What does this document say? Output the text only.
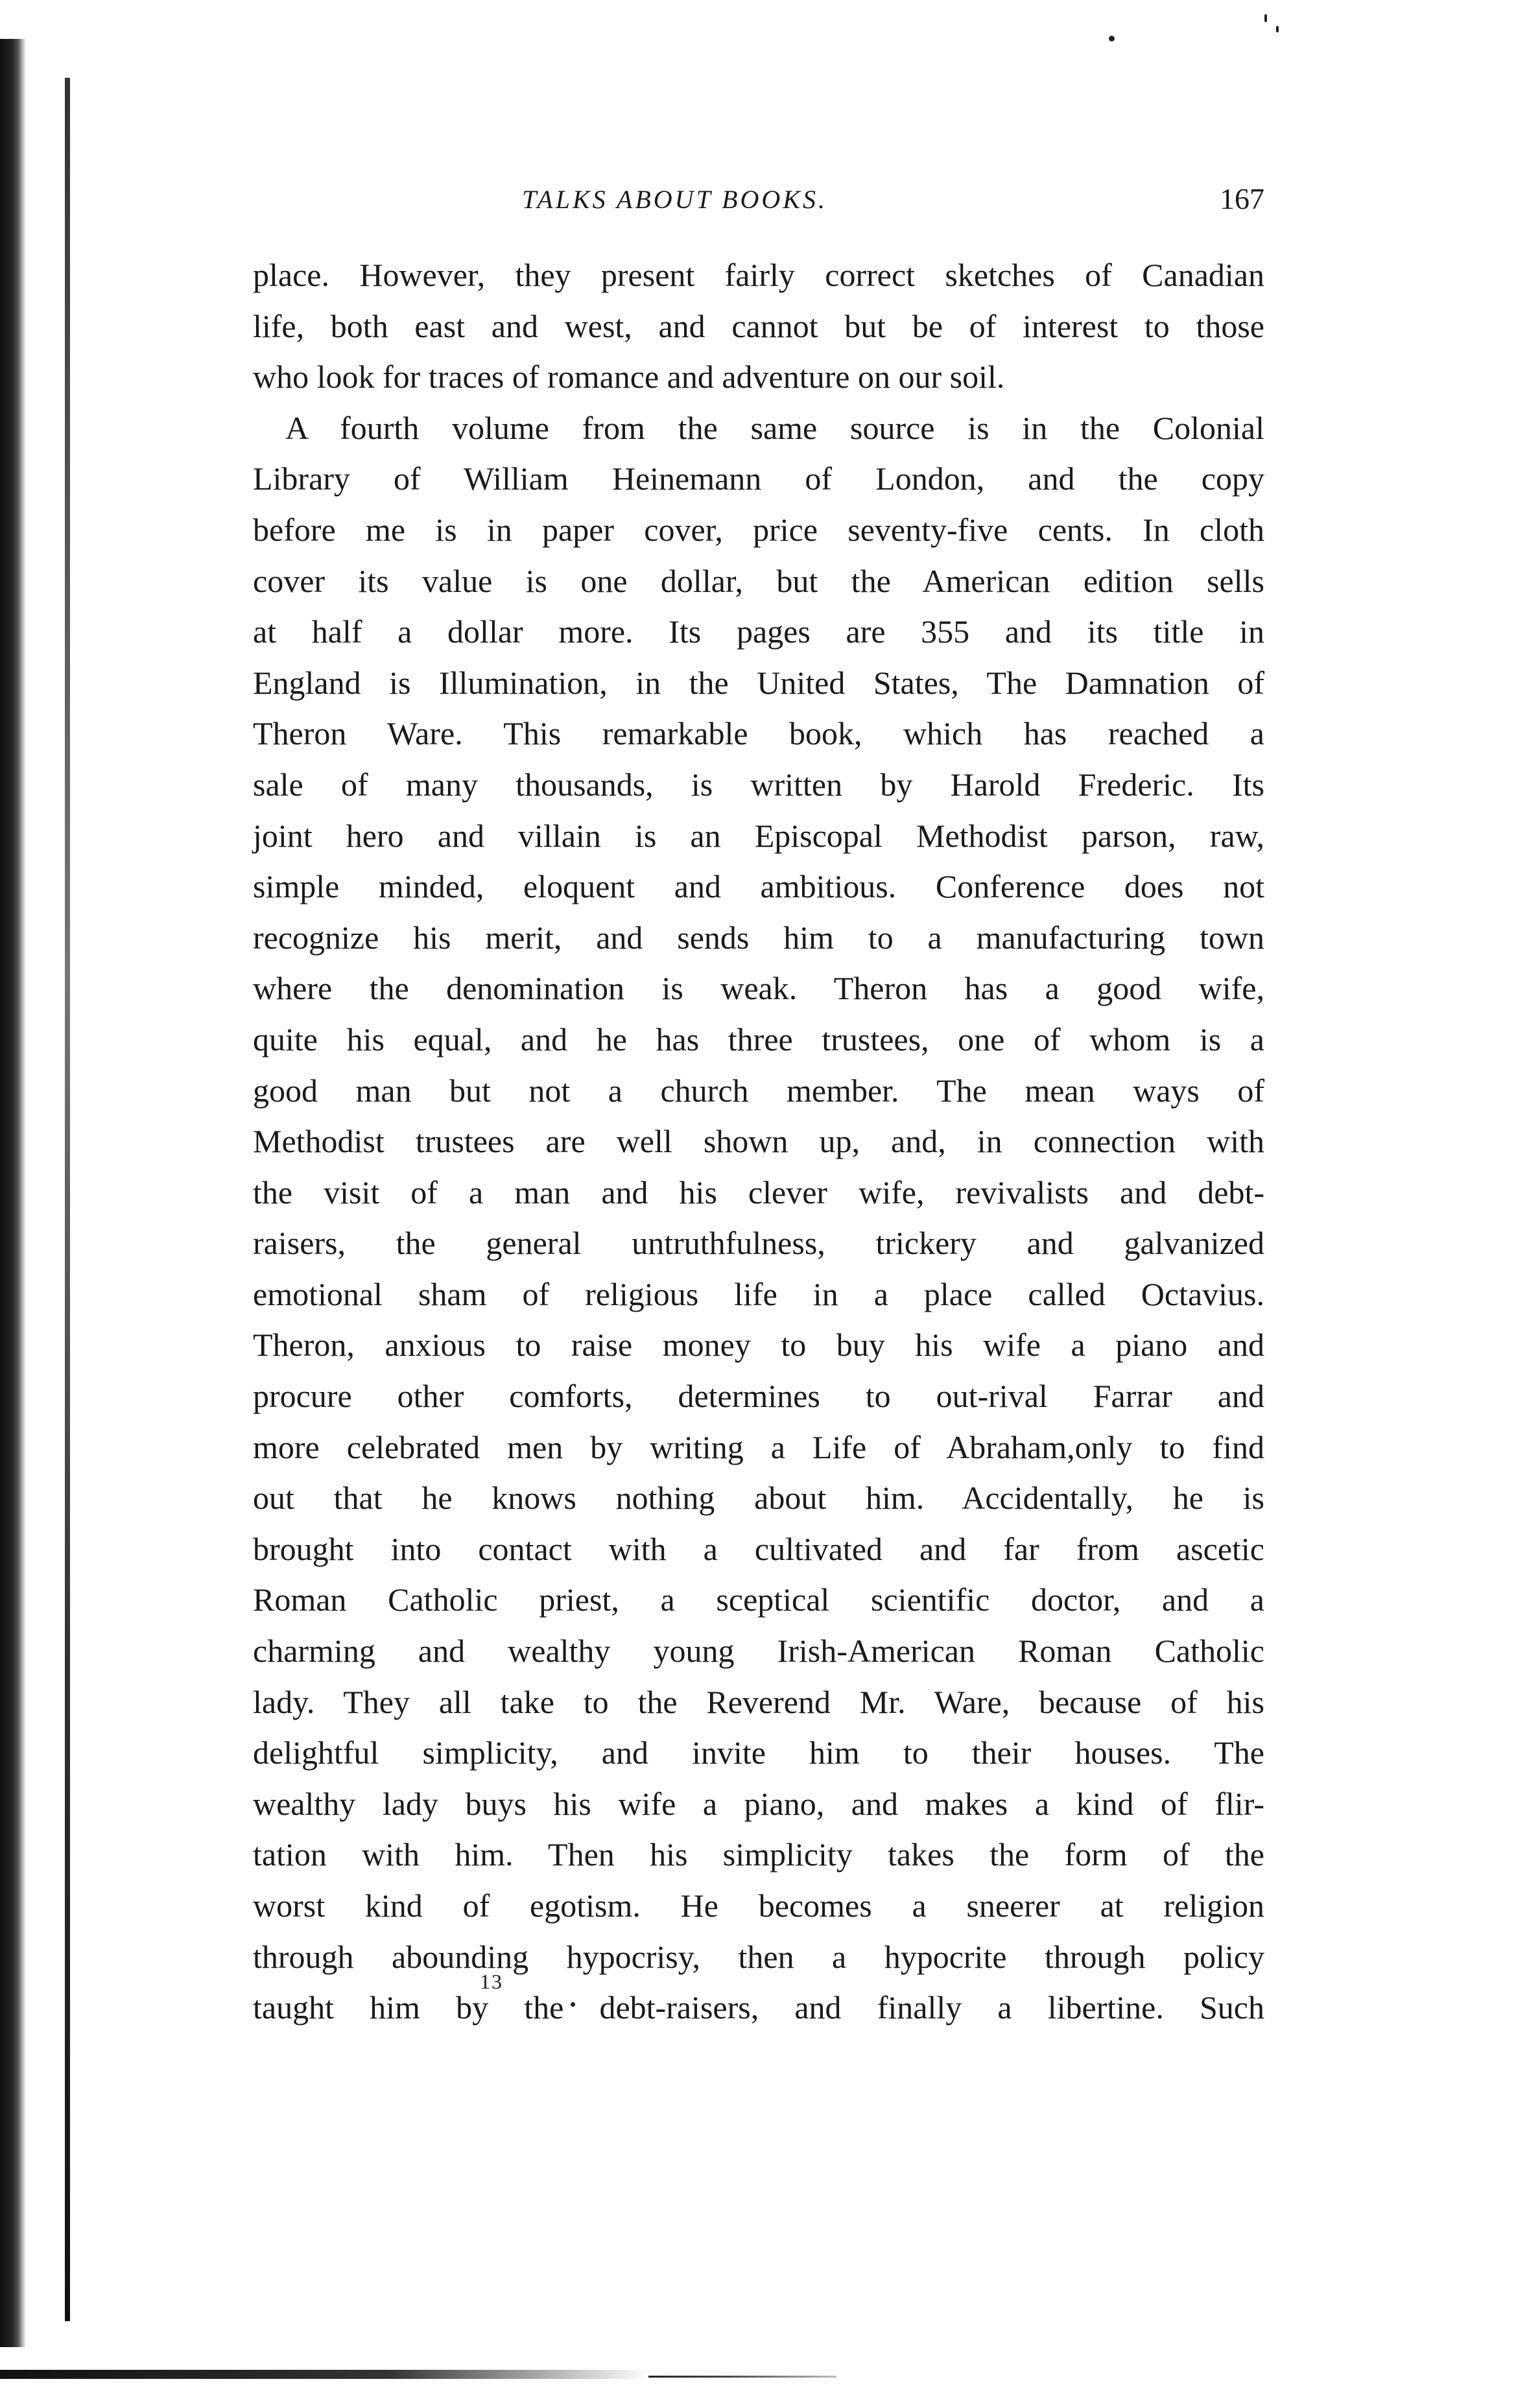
TALKS ABOUT BOOKS.	167
place. However, they present fairly correct sketches of Canadian
life, both east and west, and cannot but be of interest to those
who look for traces of romance and adventure on our soil.
A fourth volume from the same source is in the Colonial
Library of William Heinemann of London, and the copy
before me is in paper cover, price seventy-five cents. In cloth
cover its value is one dollar, but the American edition sells
at half a dollar more. Its pages are 355 and its title in
England is Illumination, in the United States, The Damnation of
Theron Ware. This remarkable book, which has reached a
sale of many thousands, is written by Harold Frederic. Its
joint hero and villain is an Episcopal Methodist parson, raw,
simple minded, eloquent and ambitious. Conference does not
recognize his merit, and sends him to a manufacturing town
where the denomination is weak. Theron has a good wife,
quite his equal, and he has three trustees, one of whom is a
good man but not a church member. The mean ways of
Methodist trustees are well shown up, and, in connection with
the visit of a man and his clever wife, revivalists and debt-
raisers, the general untruthfulness, trickery and galvanized
emotional sham of religious life in a place called Octavius.
Theron, anxious to raise money to buy his wife a piano and
procure other comforts, determines to out-rival Farrar and
more celebrated men by writing a Life of Abraham,only to find
out that he knows nothing about him. Accidentally, he is
brought into contact with a cultivated and far from ascetic
Roman Catholic priest, a sceptical scientific doctor, and a
charming and wealthy young Irish-American Roman Catholic
lady. They all take to the Reverend Mr. Ware, because of his
delightful simplicity, and invite him to their houses. The
wealthy lady buys his wife a piano, and makes a kind of flir-
tation with him. Then his simplicity takes the form of the
worst kind of egotism. He becomes a sneerer at religion
through abounding hypocrisy, then a hypocrite through policy
taught him by the debt-raisers, and finally a libertine. Such
13
